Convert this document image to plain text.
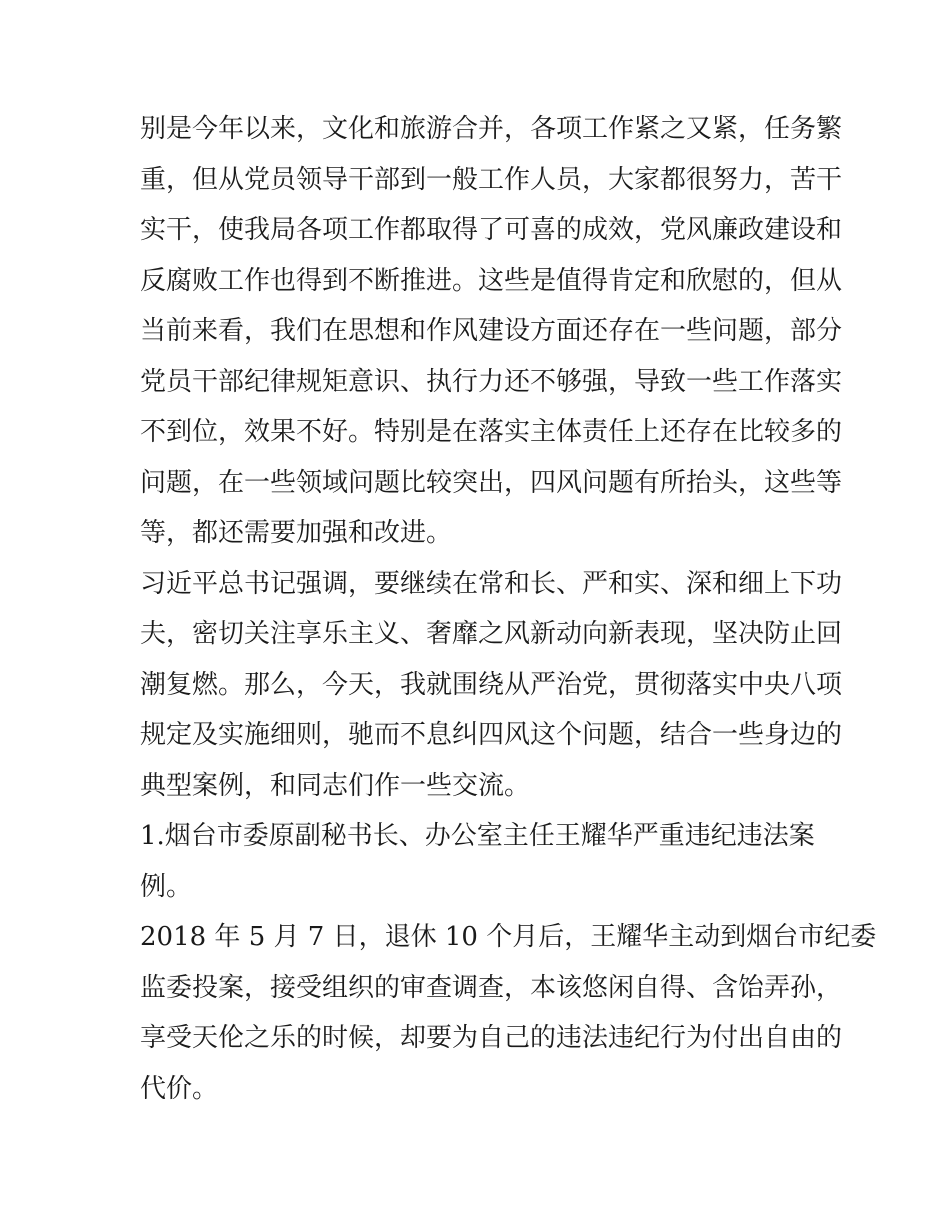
别是今年以来，文化和旅游合并，各项工作紧之又紧，任务繁
重，但从党员领导干部到一般工作人员，大家都很努力，苦干
实干，使我局各项工作都取得了可喜的成效，党风廉政建设和
反腐败工作也得到不断推进。这些是值得肯定和欣慰的，但从
当前来看，我们在思想和作风建设方面还存在一些问题，部分
党员干部纪律规矩意识、执行力还不够强，导致一些工作落实
不到位，效果不好。特别是在落实主体责任上还存在比较多的
问题，在一些领域问题比较突出，四风问题有所抬头，这些等
等，都还需要加强和改进。
习近平总书记强调，要继续在常和长、严和实、深和细上下功
夫，密切关注享乐主义、奢靡之风新动向新表现，坚决防止回
潮复燃。那么，今天，我就围绕从严治党，贯彻落实中央八项
规定及实施细则，驰而不息纠四风这个问题，结合一些身边的
典型案例，和同志们作一些交流。
1.烟台市委原副秘书长、办公室主任王耀华严重违纪违法案
例。
2018 年 5 月 7 日，退休 10 个月后，王耀华主动到烟台市纪委
监委投案，接受组织的审查调查，本该悠闲自得、含饴弄孙，
享受天伦之乐的时候，却要为自己的违法违纪行为付出自由的
代价。
